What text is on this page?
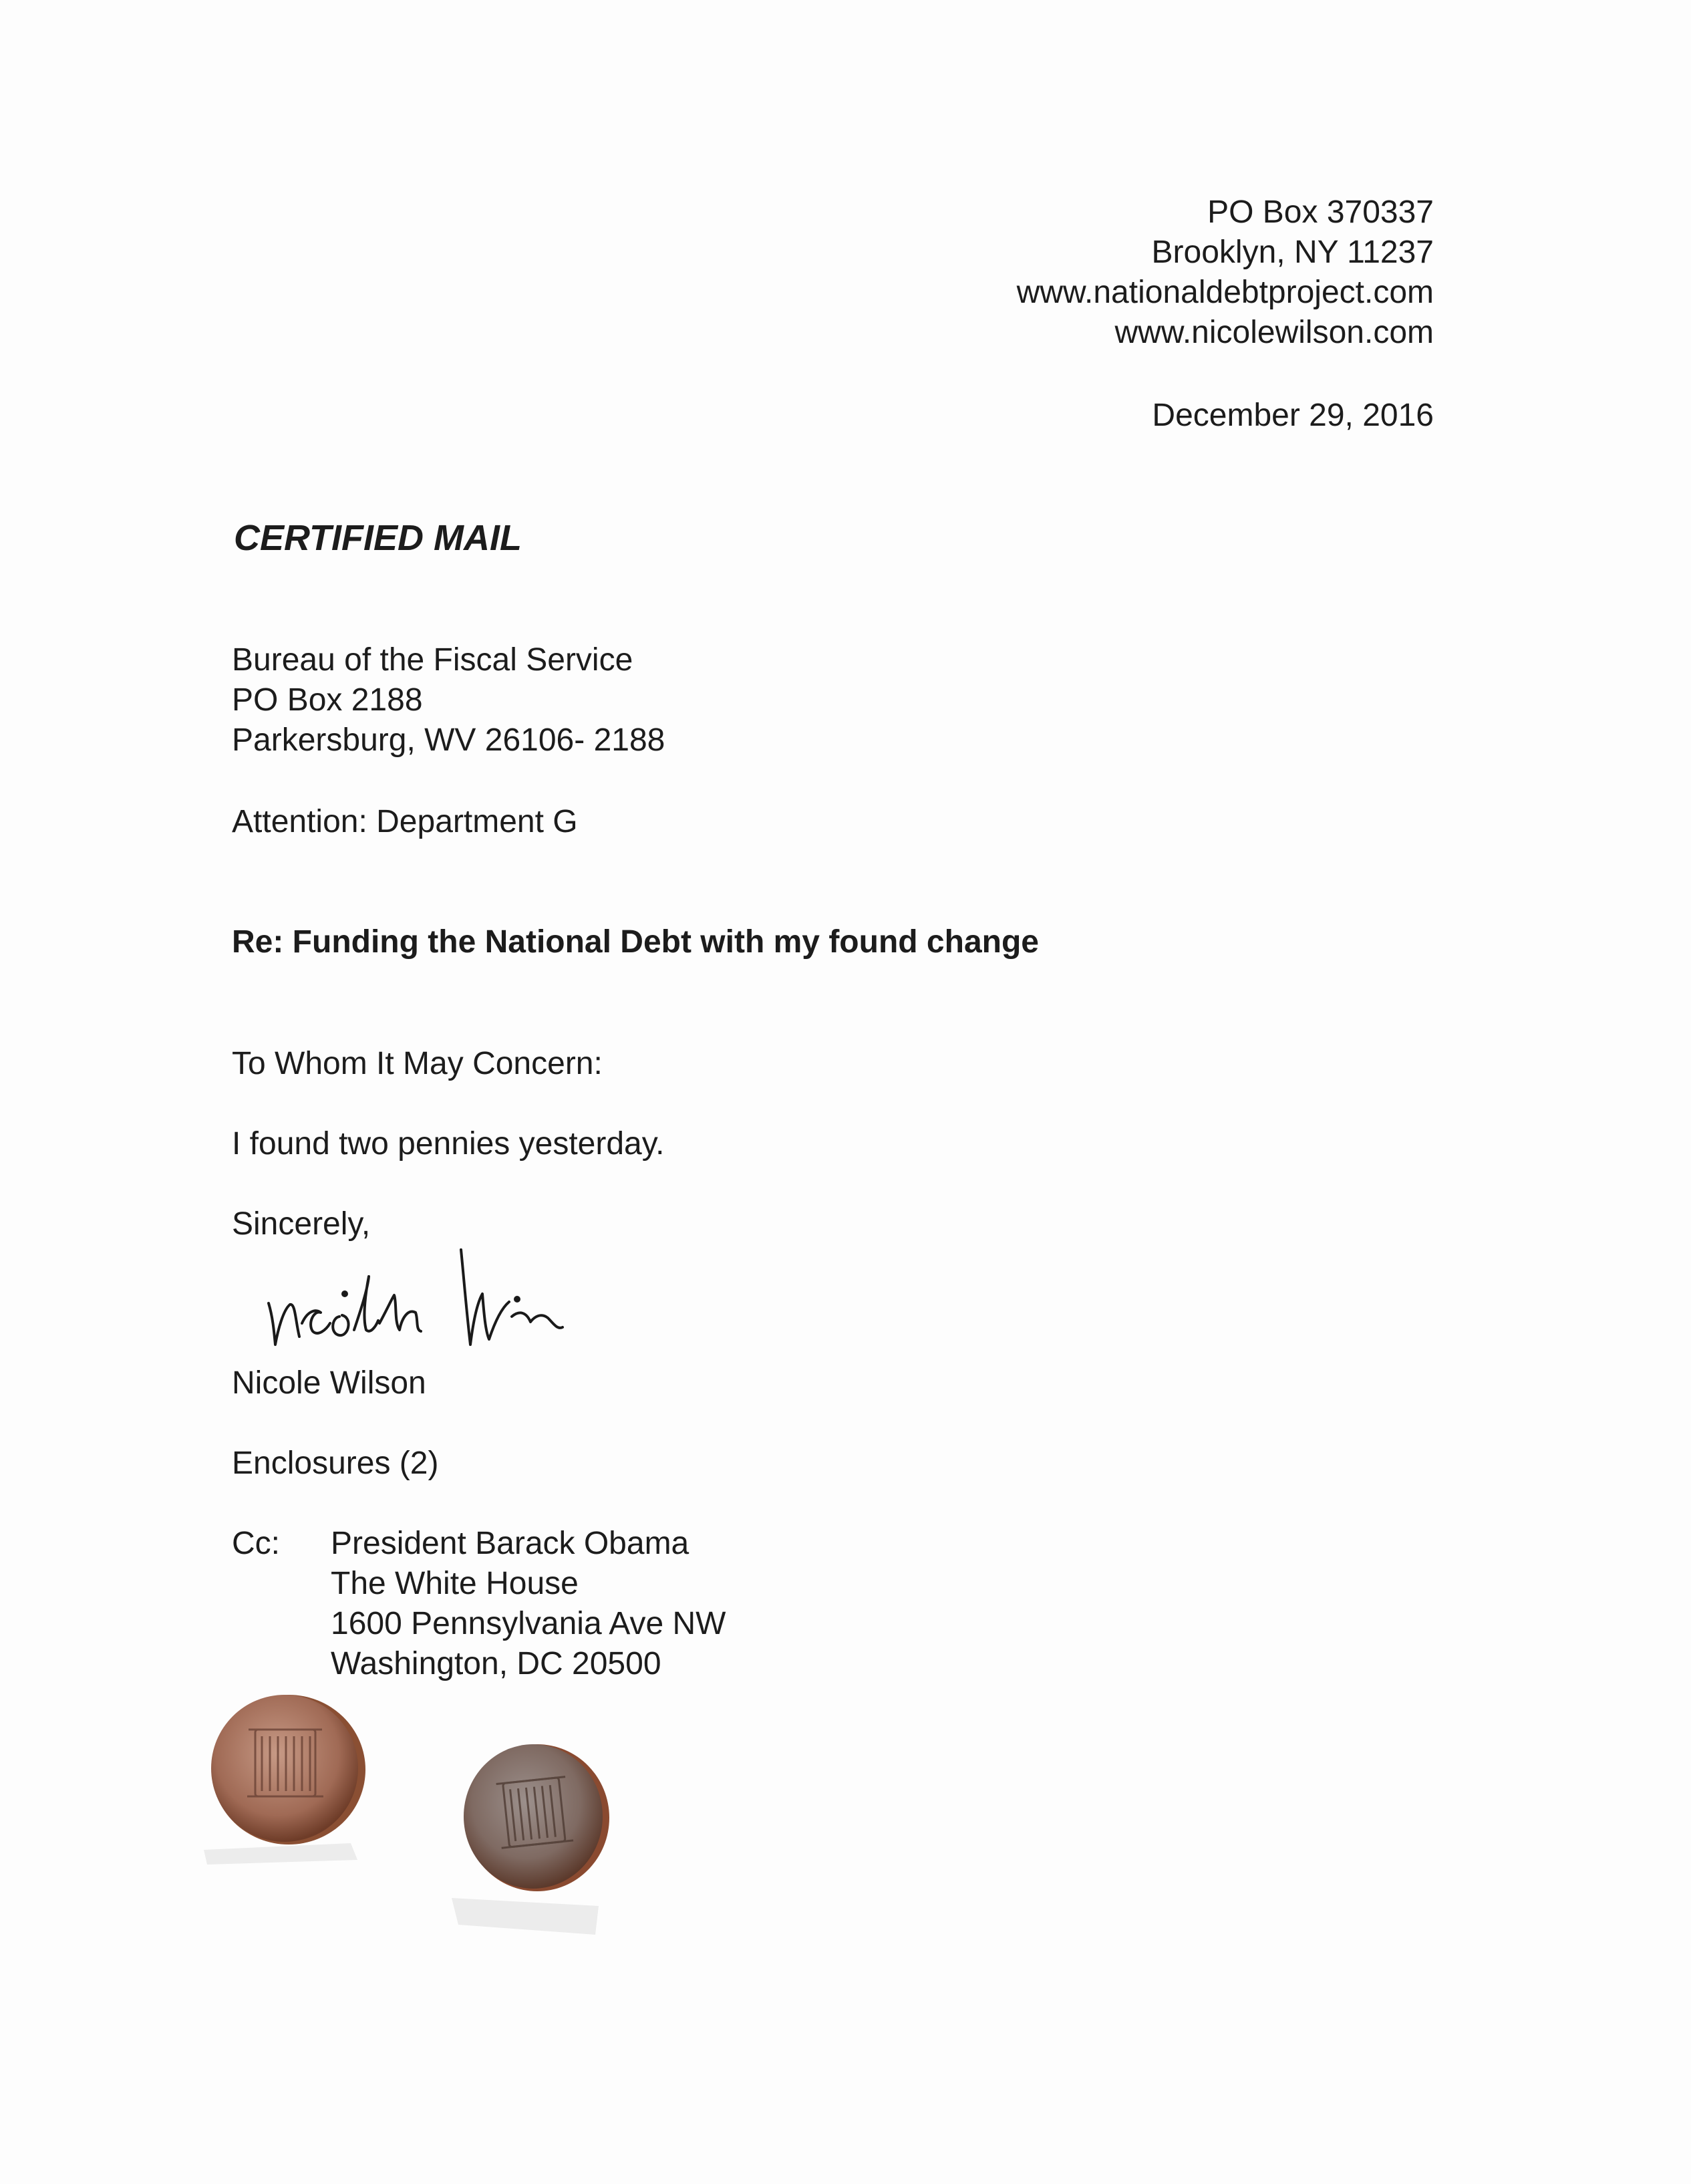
PO Box 370337
Brooklyn, NY 11237
www.nationaldebtproject.com
www.nicolewilson.com
December 29, 2016
CERTIFIED MAIL
Bureau of the Fiscal Service
PO Box 2188
Parkersburg, WV 26106- 2188

Attention: Department G

Re: Funding the National Debt with my found change

To Whom It May Concern:

I found two pennies yesterday.

Sincerely,

Nicole Wilson

Enclosures (2)

Cc: President Barack Obama
The White House
1600 Pennsylvania Ave NW
Washington, DC 20500
